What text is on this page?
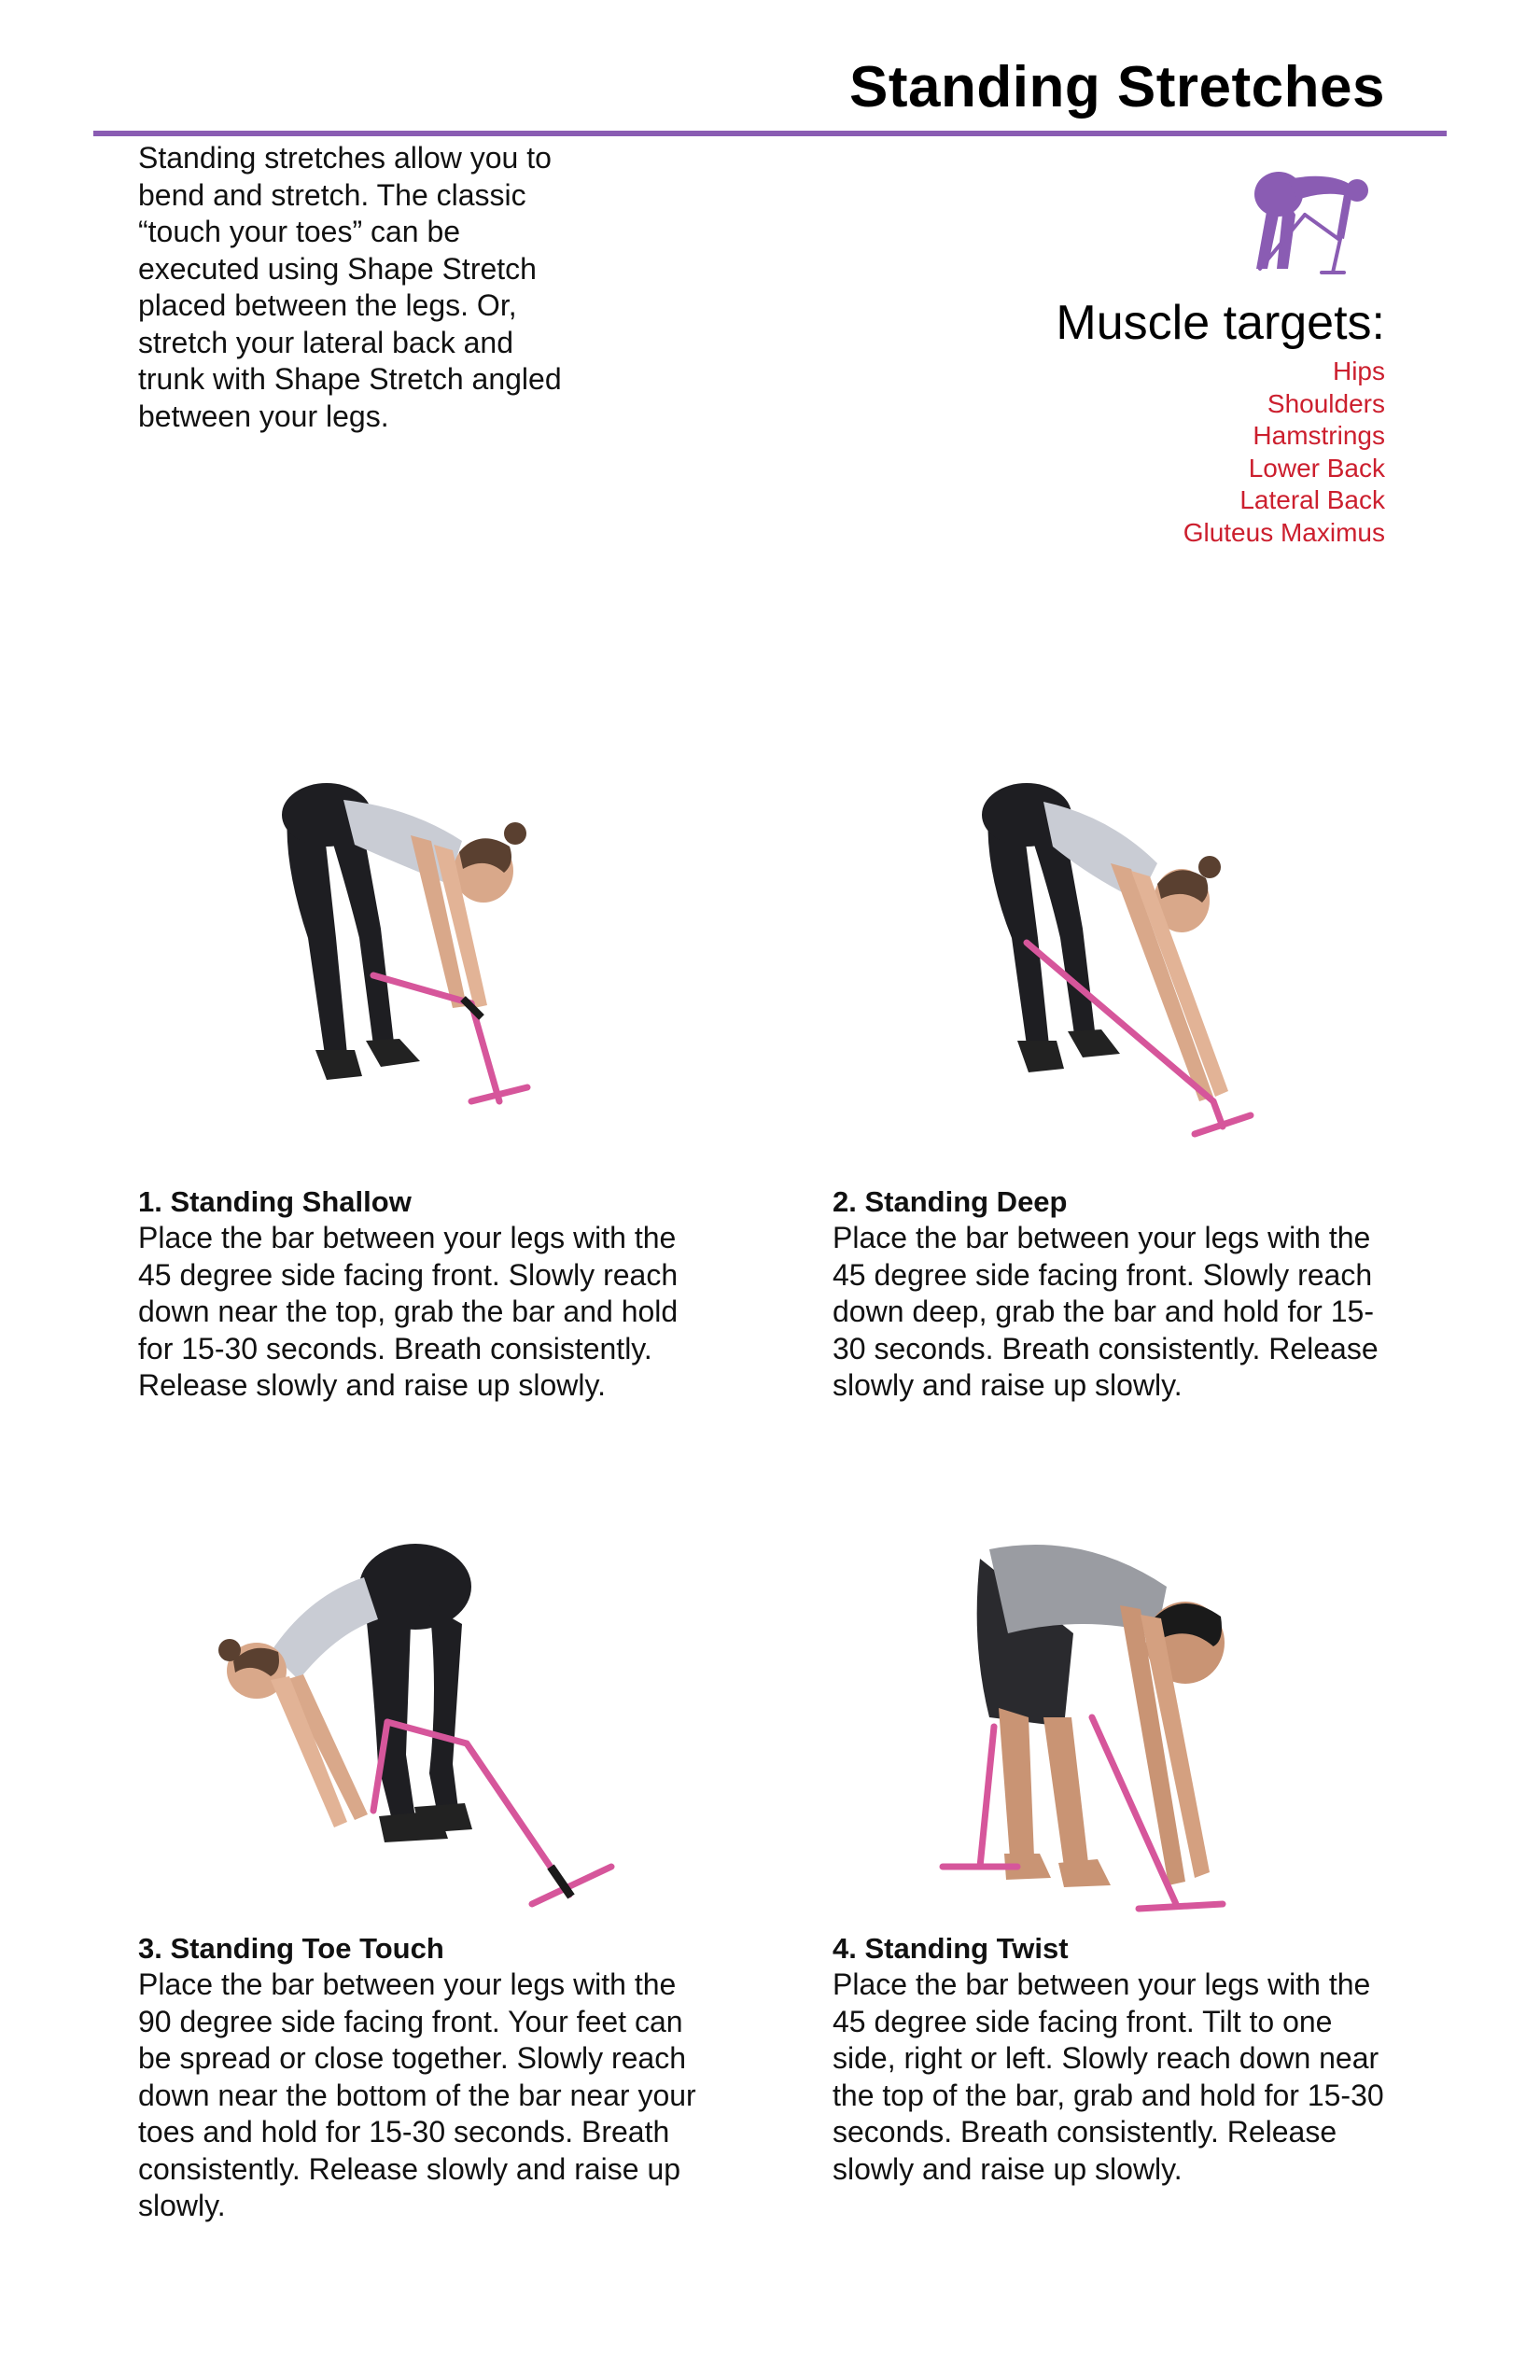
Standing Stretches

Standing stretches allow you to bend and stretch. The classic “touch your toes” can be executed using Shape Stretch placed between the legs. Or, stretch your lateral back and trunk with Shape Stretch angled between your legs.

Muscle targets:
Hips
Shoulders
Hamstrings
Lower Back
Lateral Back
Gluteus Maximus

1. Standing Shallow

Place the bar between your legs with the 45 degree side facing front. Slowly reach down near the top, grab the bar and hold for 15-30 seconds. Breath consistently. Release slowly and raise up slowly.

2. Standing Deep

Place the bar between your legs with the 45 degree side facing front. Slowly reach down deep, grab the bar and hold for 15-30 seconds. Breath consistently. Release slowly and raise up slowly.

3. Standing Toe Touch

Place the bar between your legs with the 90 degree side facing front. Your feet can be spread or close together. Slowly reach down near the bottom of the bar near your toes and hold for 15-30 seconds. Breath consistently. Release slowly and raise up slowly.

4. Standing Twist

Place the bar between your legs with the 45 degree side facing front. Tilt to one side, right or left. Slowly reach down near the top of the bar, grab and hold for 15-30 seconds. Breath consistently. Release slowly and raise up slowly.
